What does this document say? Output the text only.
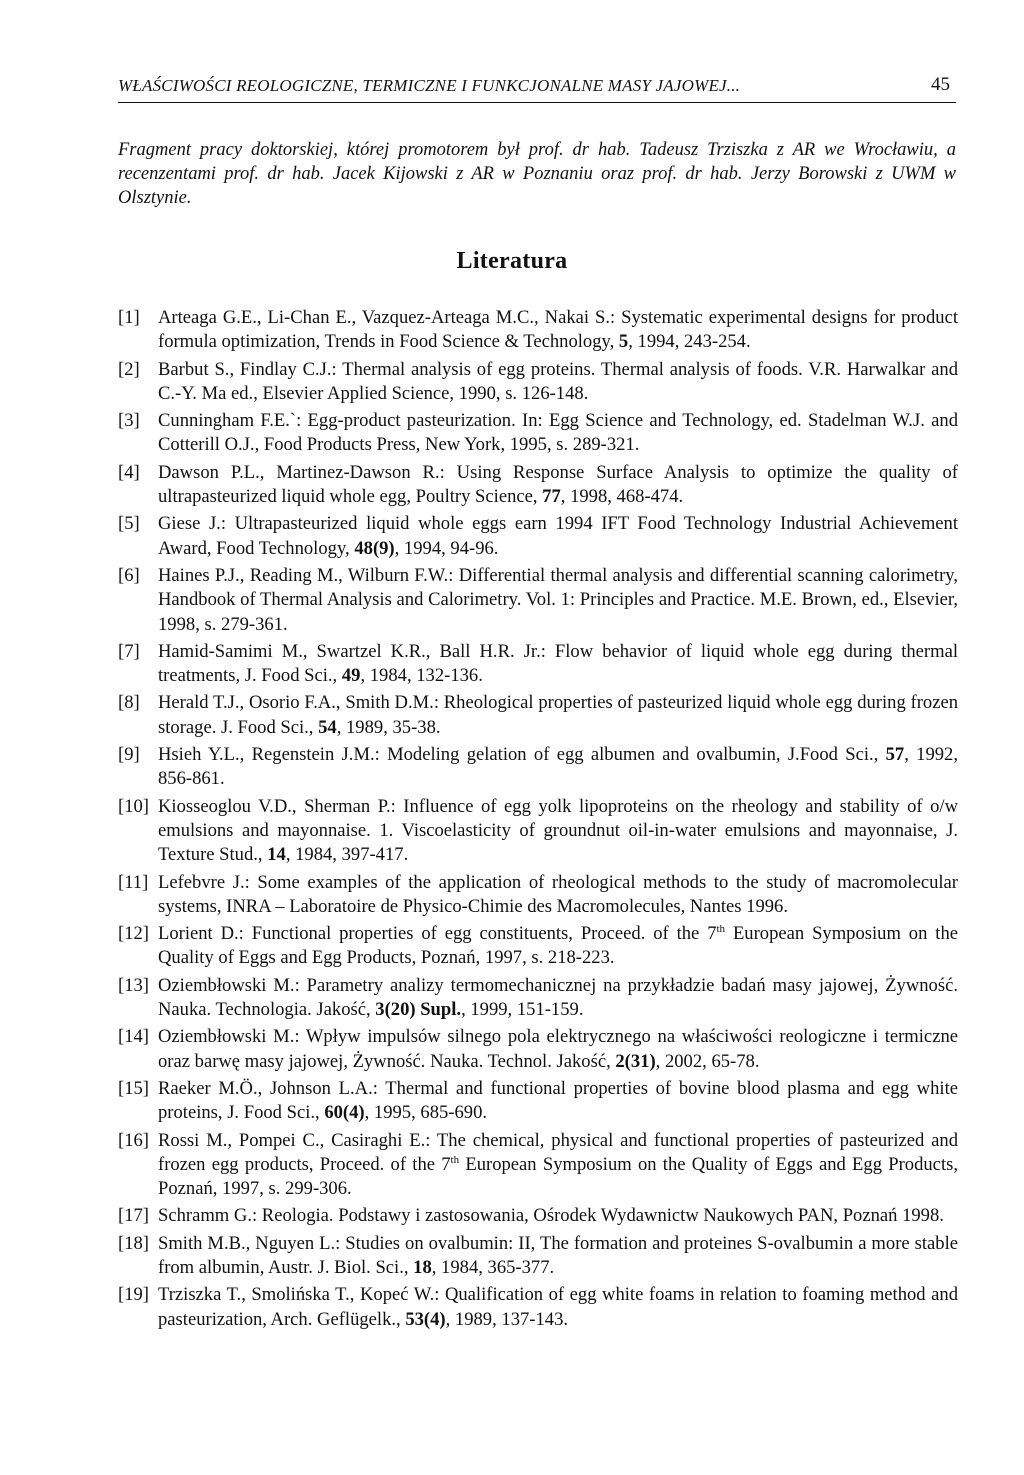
WŁAŚCIWOŚCI REOLOGICZNE, TERMICZNE I FUNKCJONALNE MASY JAJOWEJ...	45
Fragment pracy doktorskiej, której promotorem był prof. dr hab. Tadeusz Trziszka z AR we Wrocławiu, a recenzentami prof. dr hab. Jacek Kijowski z AR w Poznaniu oraz prof. dr hab. Jerzy Borowski z UWM w Olsztynie.
Literatura
[1] Arteaga G.E., Li-Chan E., Vazquez-Arteaga M.C., Nakai S.: Systematic experimental designs for product formula optimization, Trends in Food Science & Technology, 5, 1994, 243-254.
[2] Barbut S., Findlay C.J.: Thermal analysis of egg proteins. Thermal analysis of foods. V.R. Harwalkar and C.-Y. Ma ed., Elsevier Applied Science, 1990, s. 126-148.
[3] Cunningham F.E.`: Egg-product pasteurization. In: Egg Science and Technology, ed. Stadelman W.J. and Cotterill O.J., Food Products Press, New York, 1995, s. 289-321.
[4] Dawson P.L., Martinez-Dawson R.: Using Response Surface Analysis to optimize the quality of ultrapasteurized liquid whole egg, Poultry Science, 77, 1998, 468-474.
[5] Giese J.: Ultrapasteurized liquid whole eggs earn 1994 IFT Food Technology Industrial Achievement Award, Food Technology, 48(9), 1994, 94-96.
[6] Haines P.J., Reading M., Wilburn F.W.: Differential thermal analysis and differential scanning calorimetry, Handbook of Thermal Analysis and Calorimetry. Vol. 1: Principles and Practice. M.E. Brown, ed., Elsevier, 1998, s. 279-361.
[7] Hamid-Samimi M., Swartzel K.R., Ball H.R. Jr.: Flow behavior of liquid whole egg during thermal treatments, J. Food Sci., 49, 1984, 132-136.
[8] Herald T.J., Osorio F.A., Smith D.M.: Rheological properties of pasteurized liquid whole egg during frozen storage. J. Food Sci., 54, 1989, 35-38.
[9] Hsieh Y.L., Regenstein J.M.: Modeling gelation of egg albumen and ovalbumin, J.Food Sci., 57, 1992, 856-861.
[10] Kiosseoglou V.D., Sherman P.: Influence of egg yolk lipoproteins on the rheology and stability of o/w emulsions and mayonnaise. 1. Viscoelasticity of groundnut oil-in-water emulsions and mayonnaise, J. Texture Stud., 14, 1984, 397-417.
[11] Lefebvre J.: Some examples of the application of rheological methods to the study of macromolecular systems, INRA – Laboratoire de Physico-Chimie des Macromolecules, Nantes 1996.
[12] Lorient D.: Functional properties of egg constituents, Proceed. of the 7th European Symposium on the Quality of Eggs and Egg Products, Poznań, 1997, s. 218-223.
[13] Oziembłowski M.: Parametry analizy termomechanicznej na przykładzie badań masy jajowej, Żywność. Nauka. Technologia. Jakość, 3(20) Supl., 1999, 151-159.
[14] Oziembłowski M.: Wpływ impulsów silnego pola elektrycznego na właściwości reologiczne i termiczne oraz barwę masy jajowej, Żywność. Nauka. Technol. Jakość, 2(31), 2002, 65-78.
[15] Raeker M.Ö., Johnson L.A.: Thermal and functional properties of bovine blood plasma and egg white proteins, J. Food Sci., 60(4), 1995, 685-690.
[16] Rossi M., Pompei C., Casiraghi E.: The chemical, physical and functional properties of pasteurized and frozen egg products, Proceed. of the 7th European Symposium on the Quality of Eggs and Egg Products, Poznań, 1997, s. 299-306.
[17] Schramm G.: Reologia. Podstawy i zastosowania, Ośrodek Wydawnictw Naukowych PAN, Poznań 1998.
[18] Smith M.B., Nguyen L.: Studies on ovalbumin: II, The formation and proteines S-ovalbumin a more stable from albumin, Austr. J. Biol. Sci., 18, 1984, 365-377.
[19] Trziszka T., Smolińska T., Kopeć W.: Qualification of egg white foams in relation to foaming method and pasteurization, Arch. Geflügelk., 53(4), 1989, 137-143.
